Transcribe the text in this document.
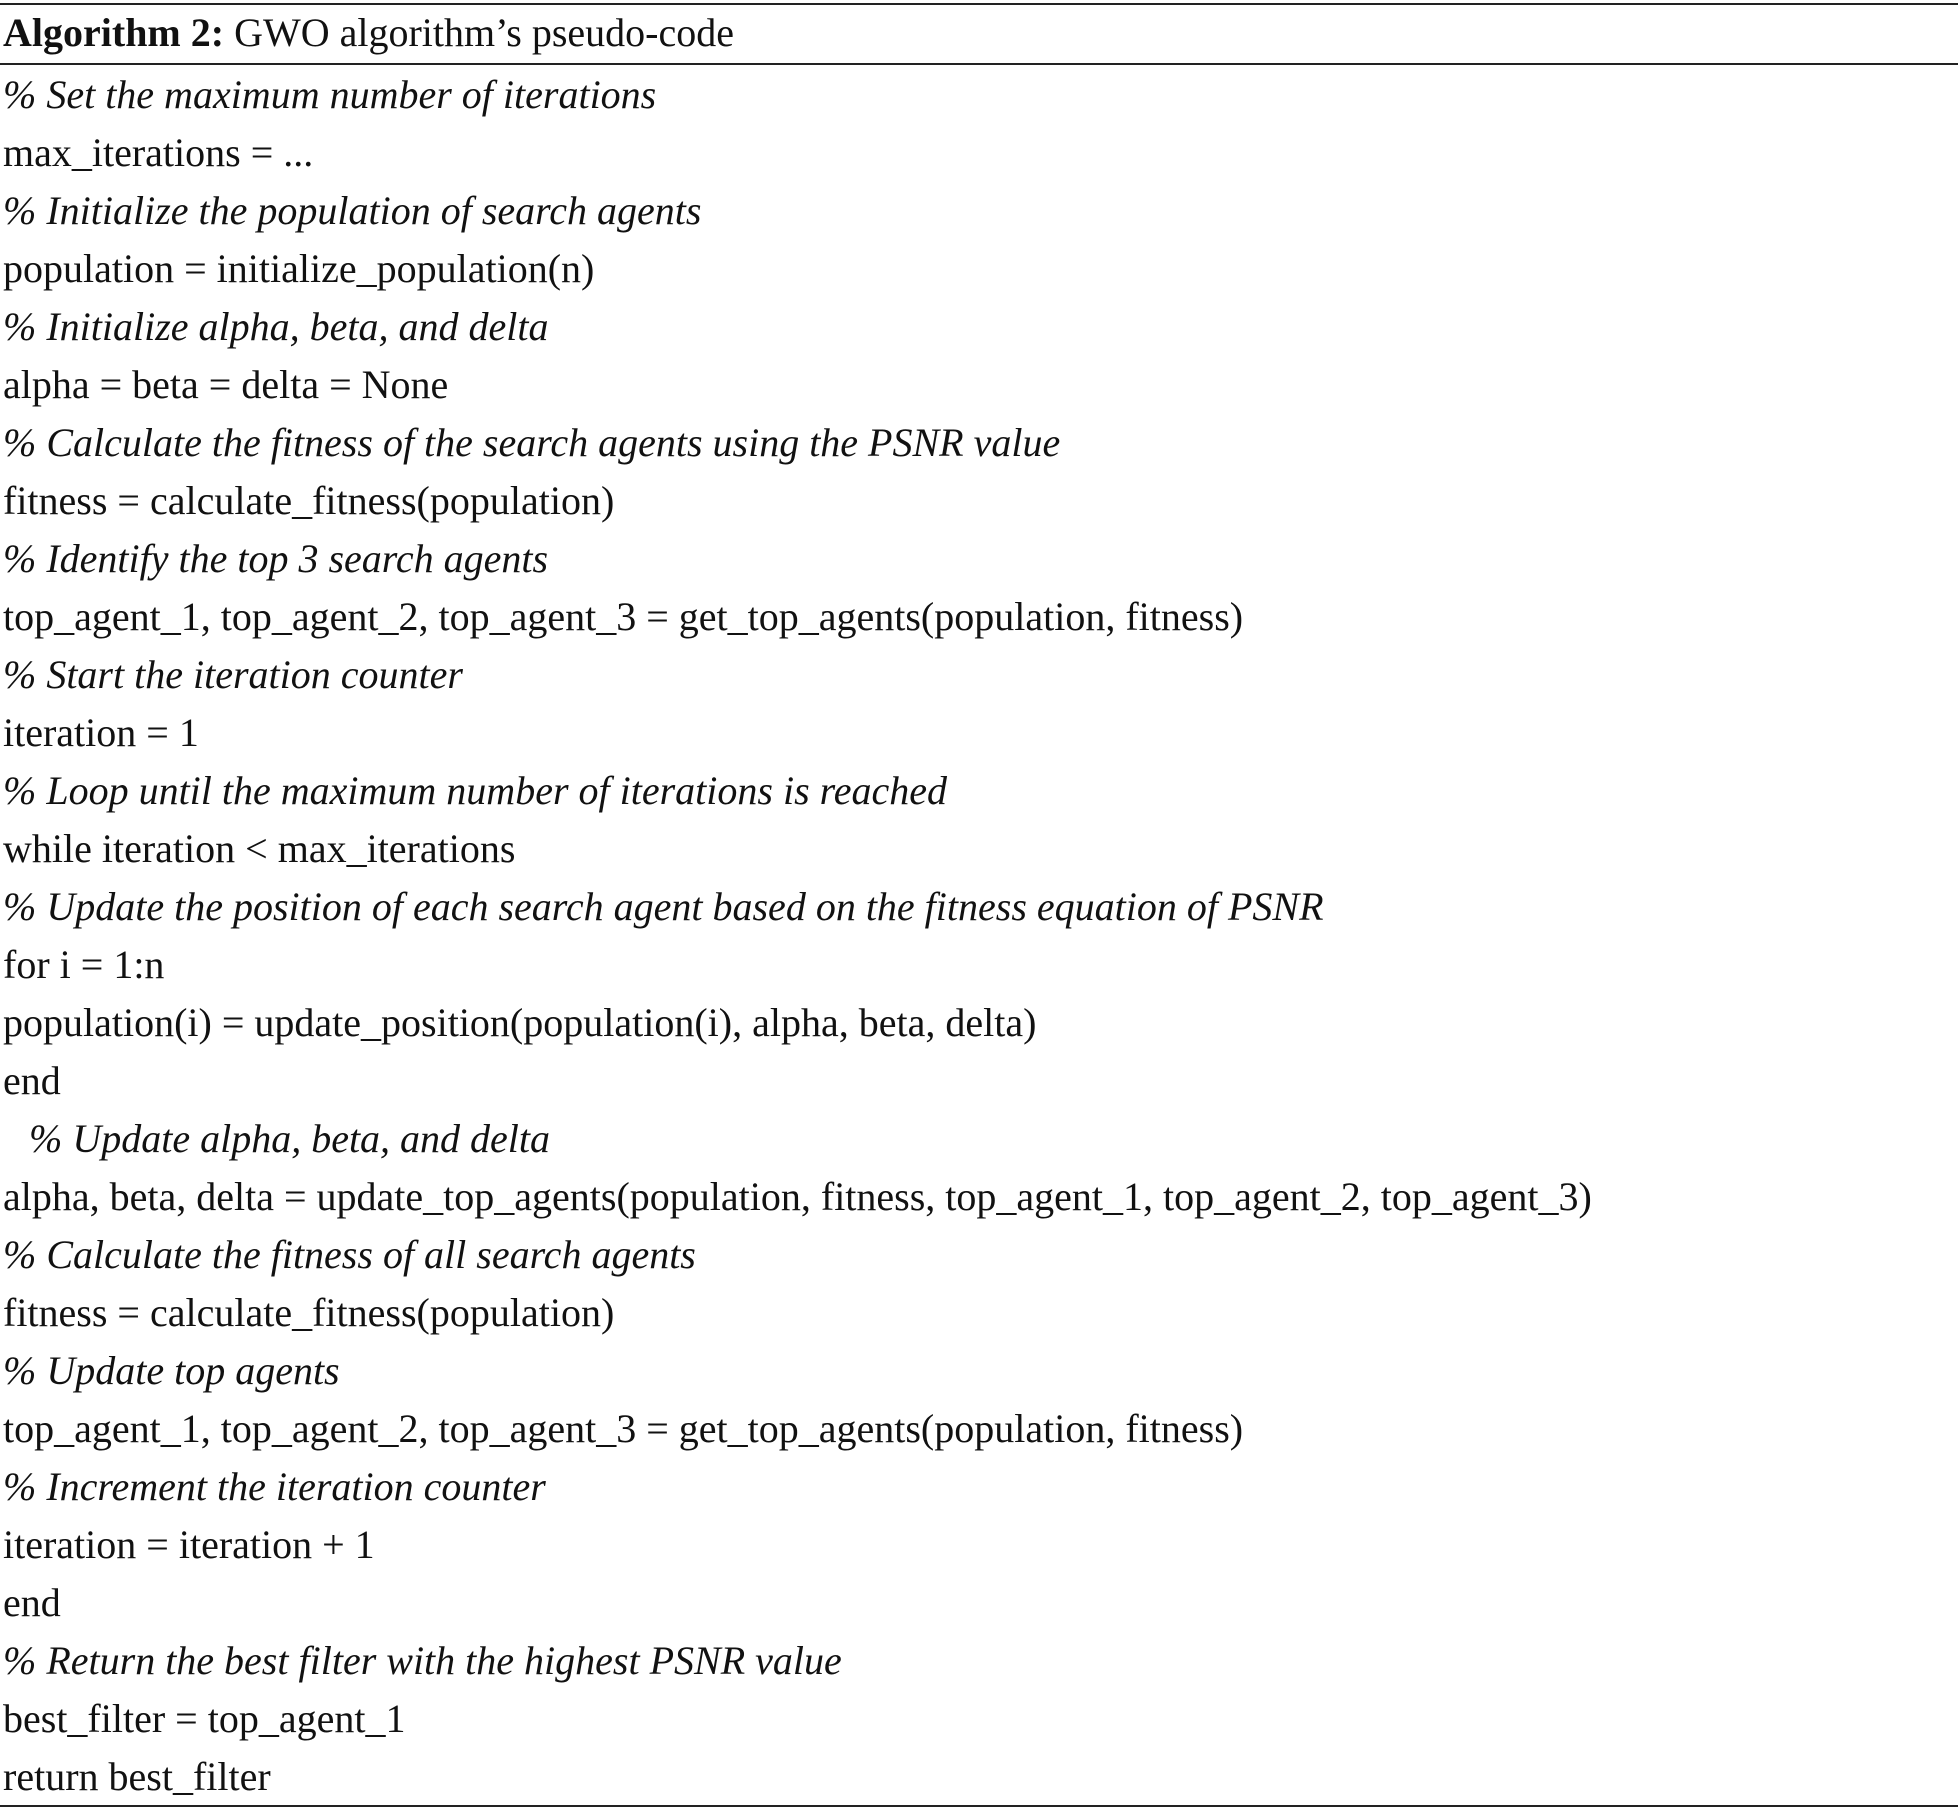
Algorithm 2: GWO algorithm’s pseudo-code
% Set the maximum number of iterations
max_iterations = ...
% Initialize the population of search agents
population = initialize_population(n)
% Initialize alpha, beta, and delta
alpha = beta = delta = None
% Calculate the fitness of the search agents using the PSNR value
fitness = calculate_fitness(population)
% Identify the top 3 search agents
top_agent_1, top_agent_2, top_agent_3 = get_top_agents(population, fitness)
% Start the iteration counter
iteration = 1
% Loop until the maximum number of iterations is reached
while iteration < max_iterations
% Update the position of each search agent based on the fitness equation of PSNR
for i = 1:n
population(i) = update_position(population(i), alpha, beta, delta)
end
% Update alpha, beta, and delta
alpha, beta, delta = update_top_agents(population, fitness, top_agent_1, top_agent_2, top_agent_3)
% Calculate the fitness of all search agents
fitness = calculate_fitness(population)
% Update top agents
top_agent_1, top_agent_2, top_agent_3 = get_top_agents(population, fitness)
% Increment the iteration counter
iteration = iteration + 1
end
% Return the best filter with the highest PSNR value
best_filter = top_agent_1
return best_filter
